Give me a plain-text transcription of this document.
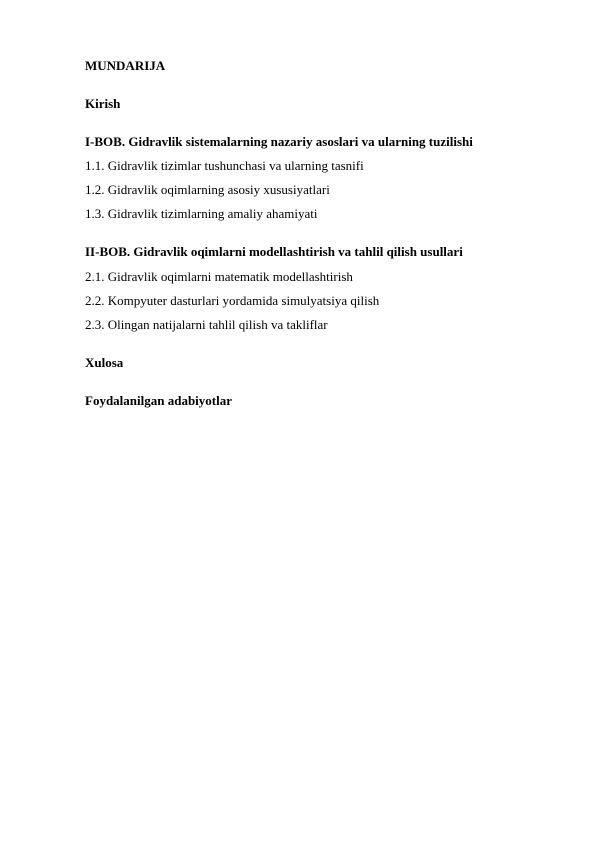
MUNDARIJA
Kirish
I-BOB. Gidravlik sistemalarning nazariy asoslari va ularning tuzilishi
1.1. Gidravlik tizimlar tushunchasi va ularning tasnifi
1.2. Gidravlik oqimlarning asosiy xususiyatlari
1.3. Gidravlik tizimlarning amaliy ahamiyati
II-BOB. Gidravlik oqimlarni modellashtirish va tahlil qilish usullari
2.1. Gidravlik oqimlarni matematik modellashtirish
2.2. Kompyuter dasturlari yordamida simulyatsiya qilish
2.3. Olingan natijalarni tahlil qilish va takliflar
Xulosa
Foydalanilgan adabiyotlar
